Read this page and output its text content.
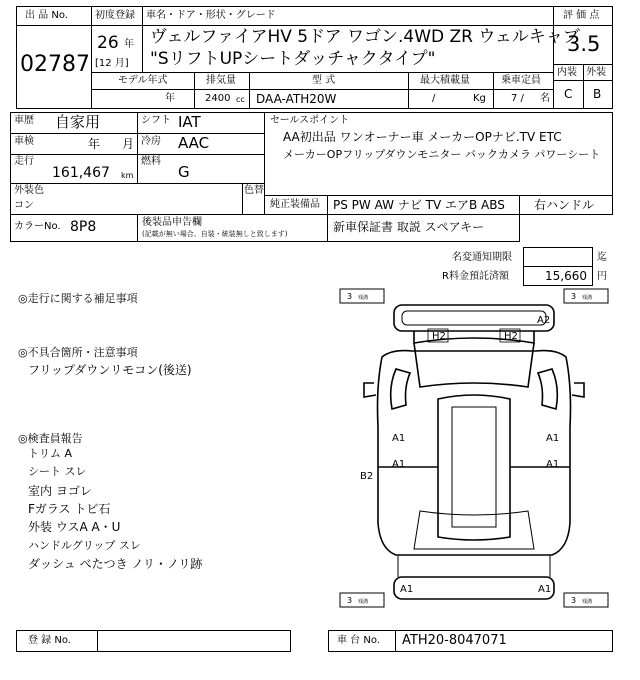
出 品 No.
02787
初度登録
26 年
[12 月]
車名・ドア・形状・グレード
ヴェルファイアHV 5ドア ワゴン.4WD ZR ウェルキャブ
"SリフトUPシートダッチャクタイプ"
評 価 点
3.5
内装 外装
C B
モデル年式	排気量	型 式	最大積載量	乗車定員
年	2400 cc DAA-ATH20W	/	Kg	7 / 名
車歴 自家用
車検	年 月
走行
161,467 km
シフト IAT
冷房 AAC
燃料
G
セールスポイント
AA初出品 ワンオーナー車 メーカーOPナビ.TV ETC
メーカーOPフリップダウンモニター バックカメラ パワーシート
外装色
コン
色替
純正装備品 PS PW AW ナビ TV エアB ABS 右ハンドル
カラーNo. 8P8	後装品申告欄
(記載が無い場合、自装・統装無しと致します)	新車保証書 取説 スペアキー
名変通知期限	迄
R料金預託済額	15,660 円
◎走行に関する補足事項
◎不具合箇所・注意事項
フリップダウンリモコン(後送)
◎検査員報告
トリム A
シート スレ
室内 ヨゴレ
Fガラス トビ石
外装 ウスA A・U
ハンドルグリップ スレ
ダッシュ べたつき ノリ・ノリ跡
3	3
3	3
残溝	残溝
残溝	残溝
A2
H2	H2
A1	A1
A1	A1
B2
A1	A1
登 録 No.	車 台 No. ATH20-8047071
